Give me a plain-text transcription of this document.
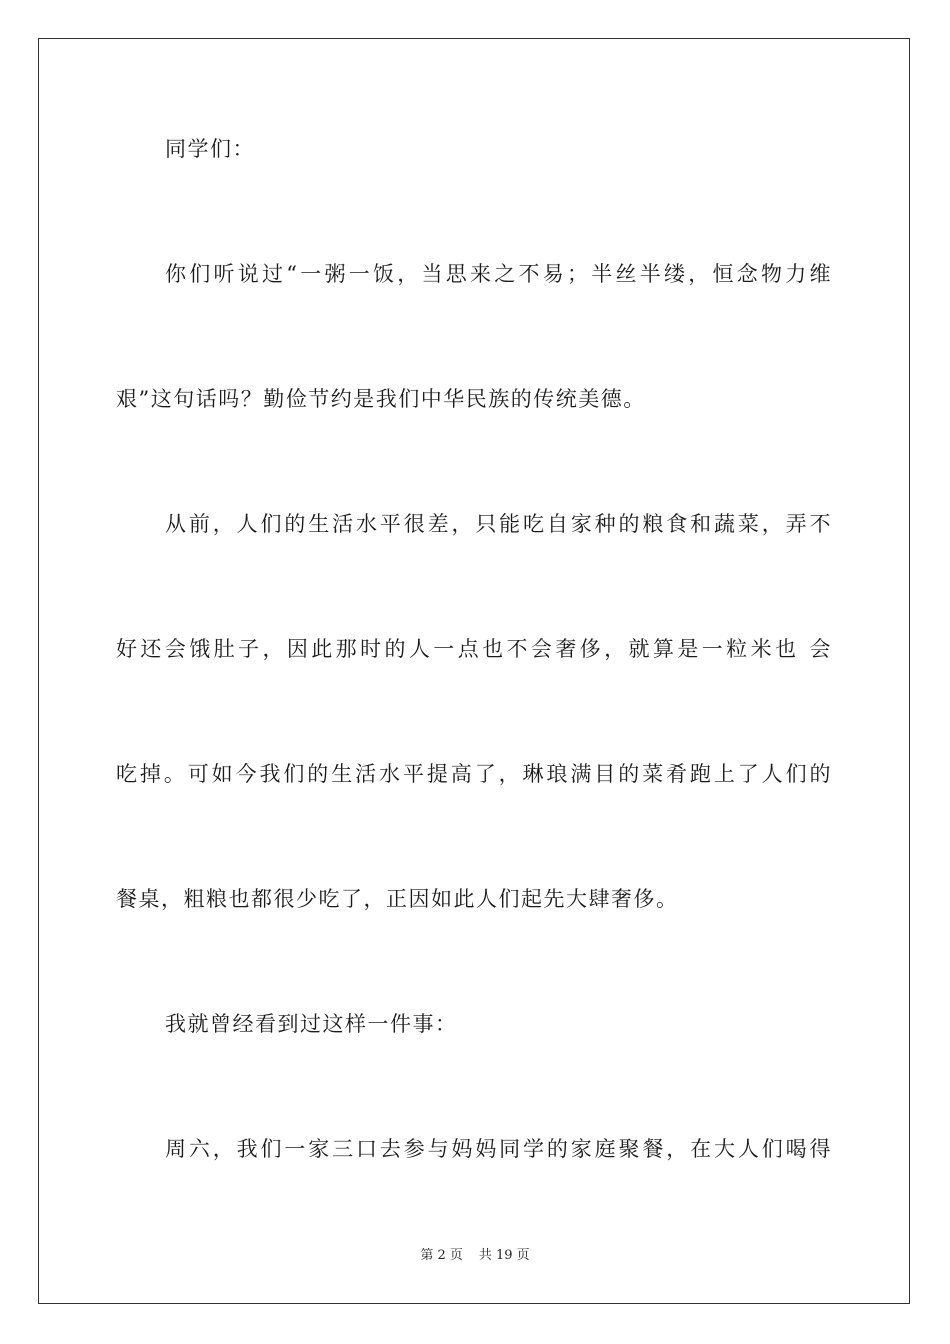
同学们：
你们听说过“一粥一饭，当思来之不易；半丝半缕，恒念物力维
艰”这句话吗？勤俭节约是我们中华民族的传统美德。
从前，人们的生活水平很差，只能吃自家种的粮食和蔬菜，弄不
好还会饿肚子，因此那时的人一点也不会奢侈，就算是一粒米也 会
吃掉。可如今我们的生活水平提高了，琳琅满目的菜肴跑上了人们的
餐桌，粗粮也都很少吃了，正因如此人们起先大肆奢侈。
我就曾经看到过这样一件事：
周六，我们一家三口去参与妈妈同学的家庭聚餐，在大人们喝得
第 2 页 共 19 页
